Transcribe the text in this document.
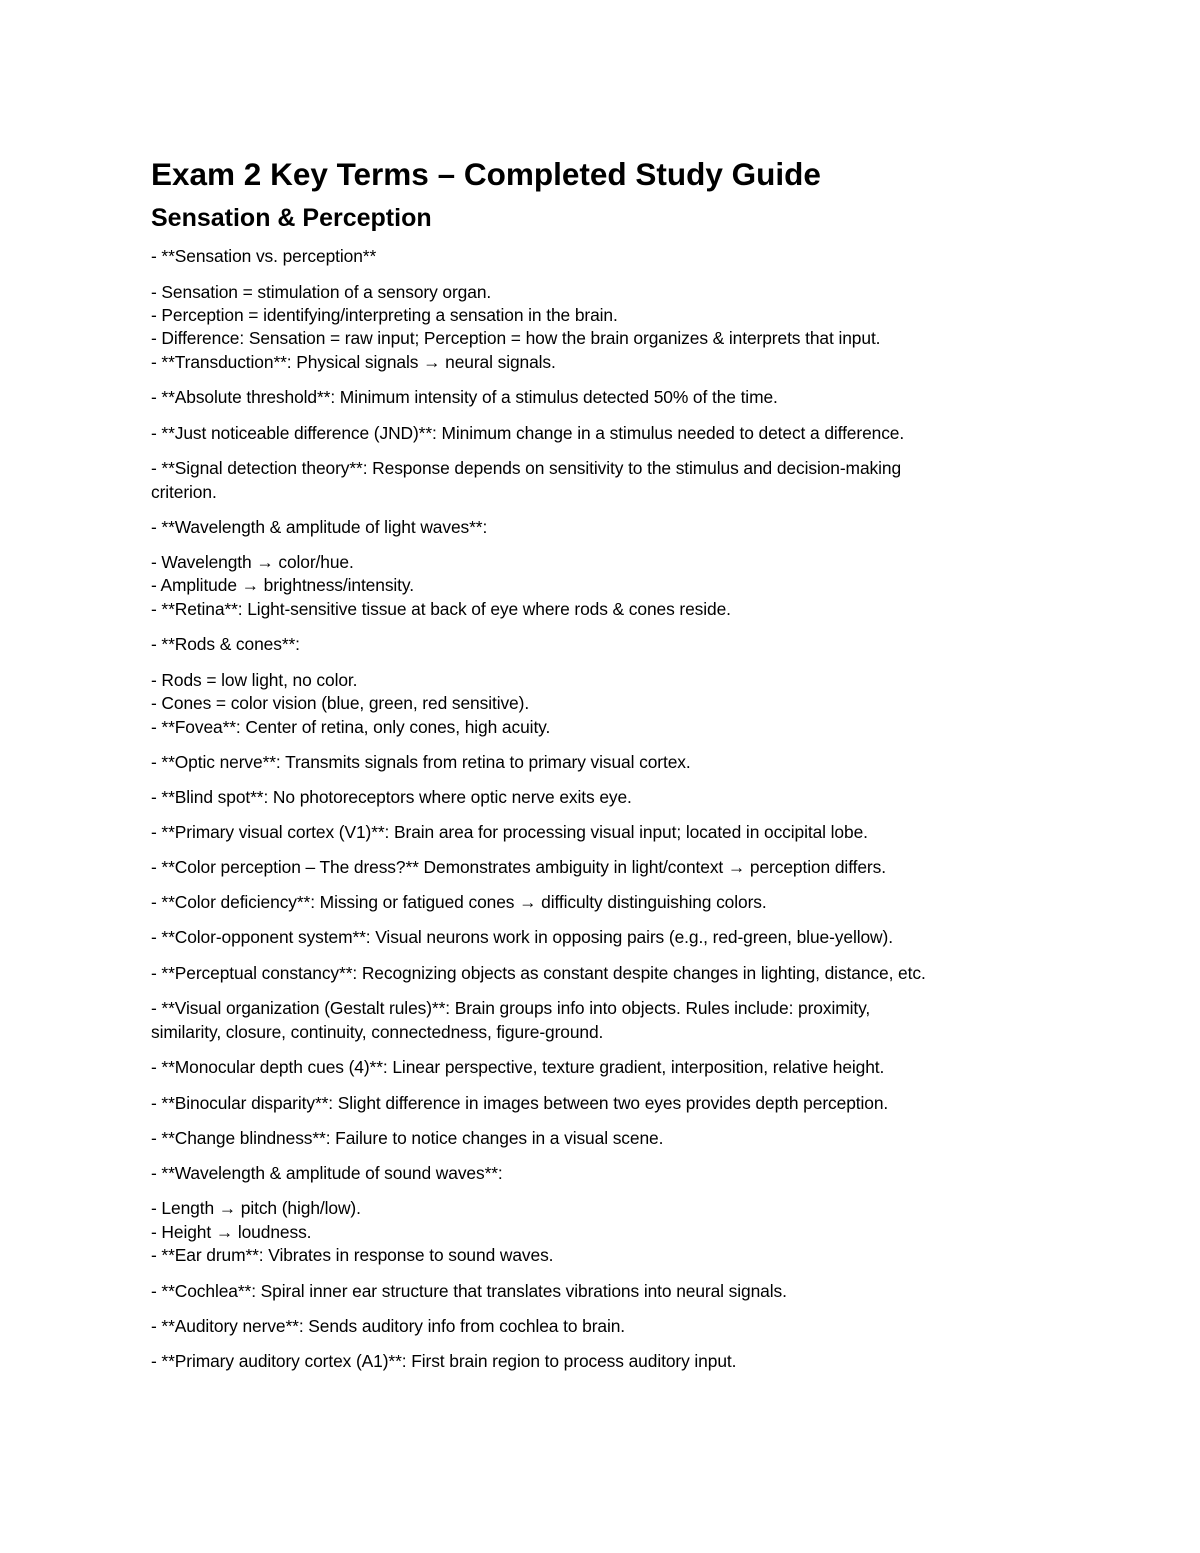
Exam 2 Key Terms – Completed Study Guide
Sensation & Perception

- **Sensation vs. perception**

- Sensation = stimulation of a sensory organ.

- Perception = identifying/interpreting a sensation in the brain.

- Difference: Sensation = raw input; Perception = how the brain organizes & interprets that input.

- **Transduction**: Physical signals → neural signals.

- **Absolute threshold**: Minimum intensity of a stimulus detected 50% of the time.

- **Just noticeable difference (JND)**: Minimum change in a stimulus needed to detect a difference.

- **Signal detection theory**: Response depends on sensitivity to the stimulus and decision-making

criterion.

- **Wavelength & amplitude of light waves**:

- Wavelength → color/hue.

- Amplitude → brightness/intensity.

- **Retina**: Light-sensitive tissue at back of eye where rods & cones reside.

- **Rods & cones**:

- Rods = low light, no color.

- Cones = color vision (blue, green, red sensitive).

- **Fovea**: Center of retina, only cones, high acuity.

- **Optic nerve**: Transmits signals from retina to primary visual cortex.

- **Blind spot**: No photoreceptors where optic nerve exits eye.

- **Primary visual cortex (V1)**: Brain area for processing visual input; located in occipital lobe.

- **Color perception – The dress?** Demonstrates ambiguity in light/context → perception differs.

- **Color deficiency**: Missing or fatigued cones → difficulty distinguishing colors.

- **Color-opponent system**: Visual neurons work in opposing pairs (e.g., red-green, blue-yellow).

- **Perceptual constancy**: Recognizing objects as constant despite changes in lighting, distance, etc.

- **Visual organization (Gestalt rules)**: Brain groups info into objects. Rules include: proximity,

similarity, closure, continuity, connectedness, figure-ground.

- **Monocular depth cues (4)**: Linear perspective, texture gradient, interposition, relative height.

- **Binocular disparity**: Slight difference in images between two eyes provides depth perception.

- **Change blindness**: Failure to notice changes in a visual scene.

- **Wavelength & amplitude of sound waves**:

- Length → pitch (high/low).

- Height → loudness.

- **Ear drum**: Vibrates in response to sound waves.

- **Cochlea**: Spiral inner ear structure that translates vibrations into neural signals.

- **Auditory nerve**: Sends auditory info from cochlea to brain.

- **Primary auditory cortex (A1)**: First brain region to process auditory input.
